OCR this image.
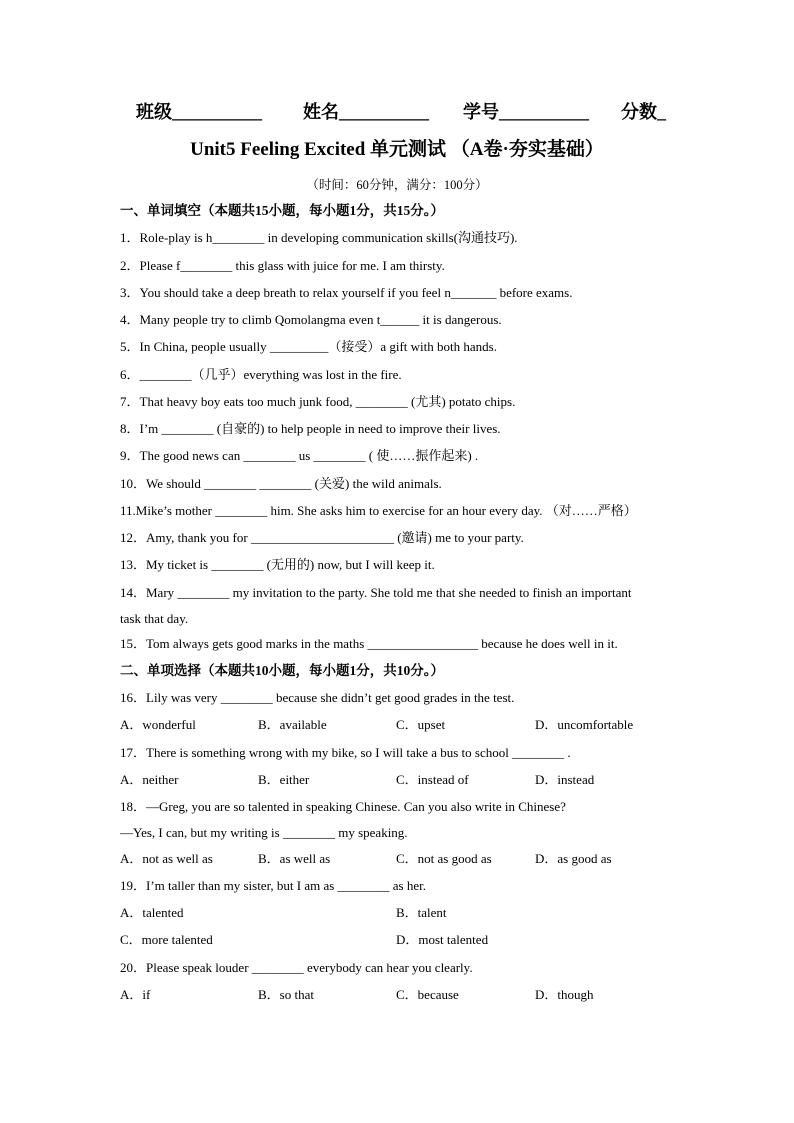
班级__________ 姓名__________ 学号__________ 分数_
Unit5 Feeling Excited 单元测试 （A卷·夯实基础）
（时间：60分钟，满分：100分）
一、单词填空（本题共15小题，每小题1分，共15分。）
1．Role-play is h________ in developing communication skills(沟通技巧).
2．Please f________ this glass with juice for me. I am thirsty.
3．You should take a deep breath to relax yourself if you feel n_______ before exams.
4．Many people try to climb Qomolangma even t______ it is dangerous.
5．In China, people usually _________（接受）a gift with both hands.
6．________（几乎）everything was lost in the fire.
7．That heavy boy eats too much junk food, ________ (尤其) potato chips.
8．I’m ________ (自豪的) to help people in need to improve their lives.
9．The good news can ________ us ________ ( 使……振作起来) .
10．We should ________ ________ (关爱) the wild animals.
11.Mike’s mother ________ him. She asks him to exercise for an hour every day. （对……严格）
12．Amy, thank you for ______________________ (邀请) me to your party.
13．My ticket is ________ (无用的) now, but I will keep it.
14．Mary ________ my invitation to the party. She told me that she needed to finish an important
task that day.
15．Tom always gets good marks in the maths _________________ because he does well in it.
二、单项选择（本题共10小题，每小题1分，共10分。）
16．Lily was very ________ because she didn’t get good grades in the test.
A．wonderful	B．available	C．upset	D．uncomfortable
17．There is something wrong with my bike, so I will take a bus to school ________ .
A．neither	B．either	C．instead of	D．instead
18．—Greg, you are so talented in speaking Chinese. Can you also write in Chinese?
—Yes, I can, but my writing is ________ my speaking.
A．not as well as	B．as well as	C．not as good as	D．as good as
19．I’m taller than my sister, but I am as ________ as her.
A．talented	B．talent
C．more talented	D．most talented
20．Please speak louder ________ everybody can hear you clearly.
A．if	B．so that	C．because	D．though
